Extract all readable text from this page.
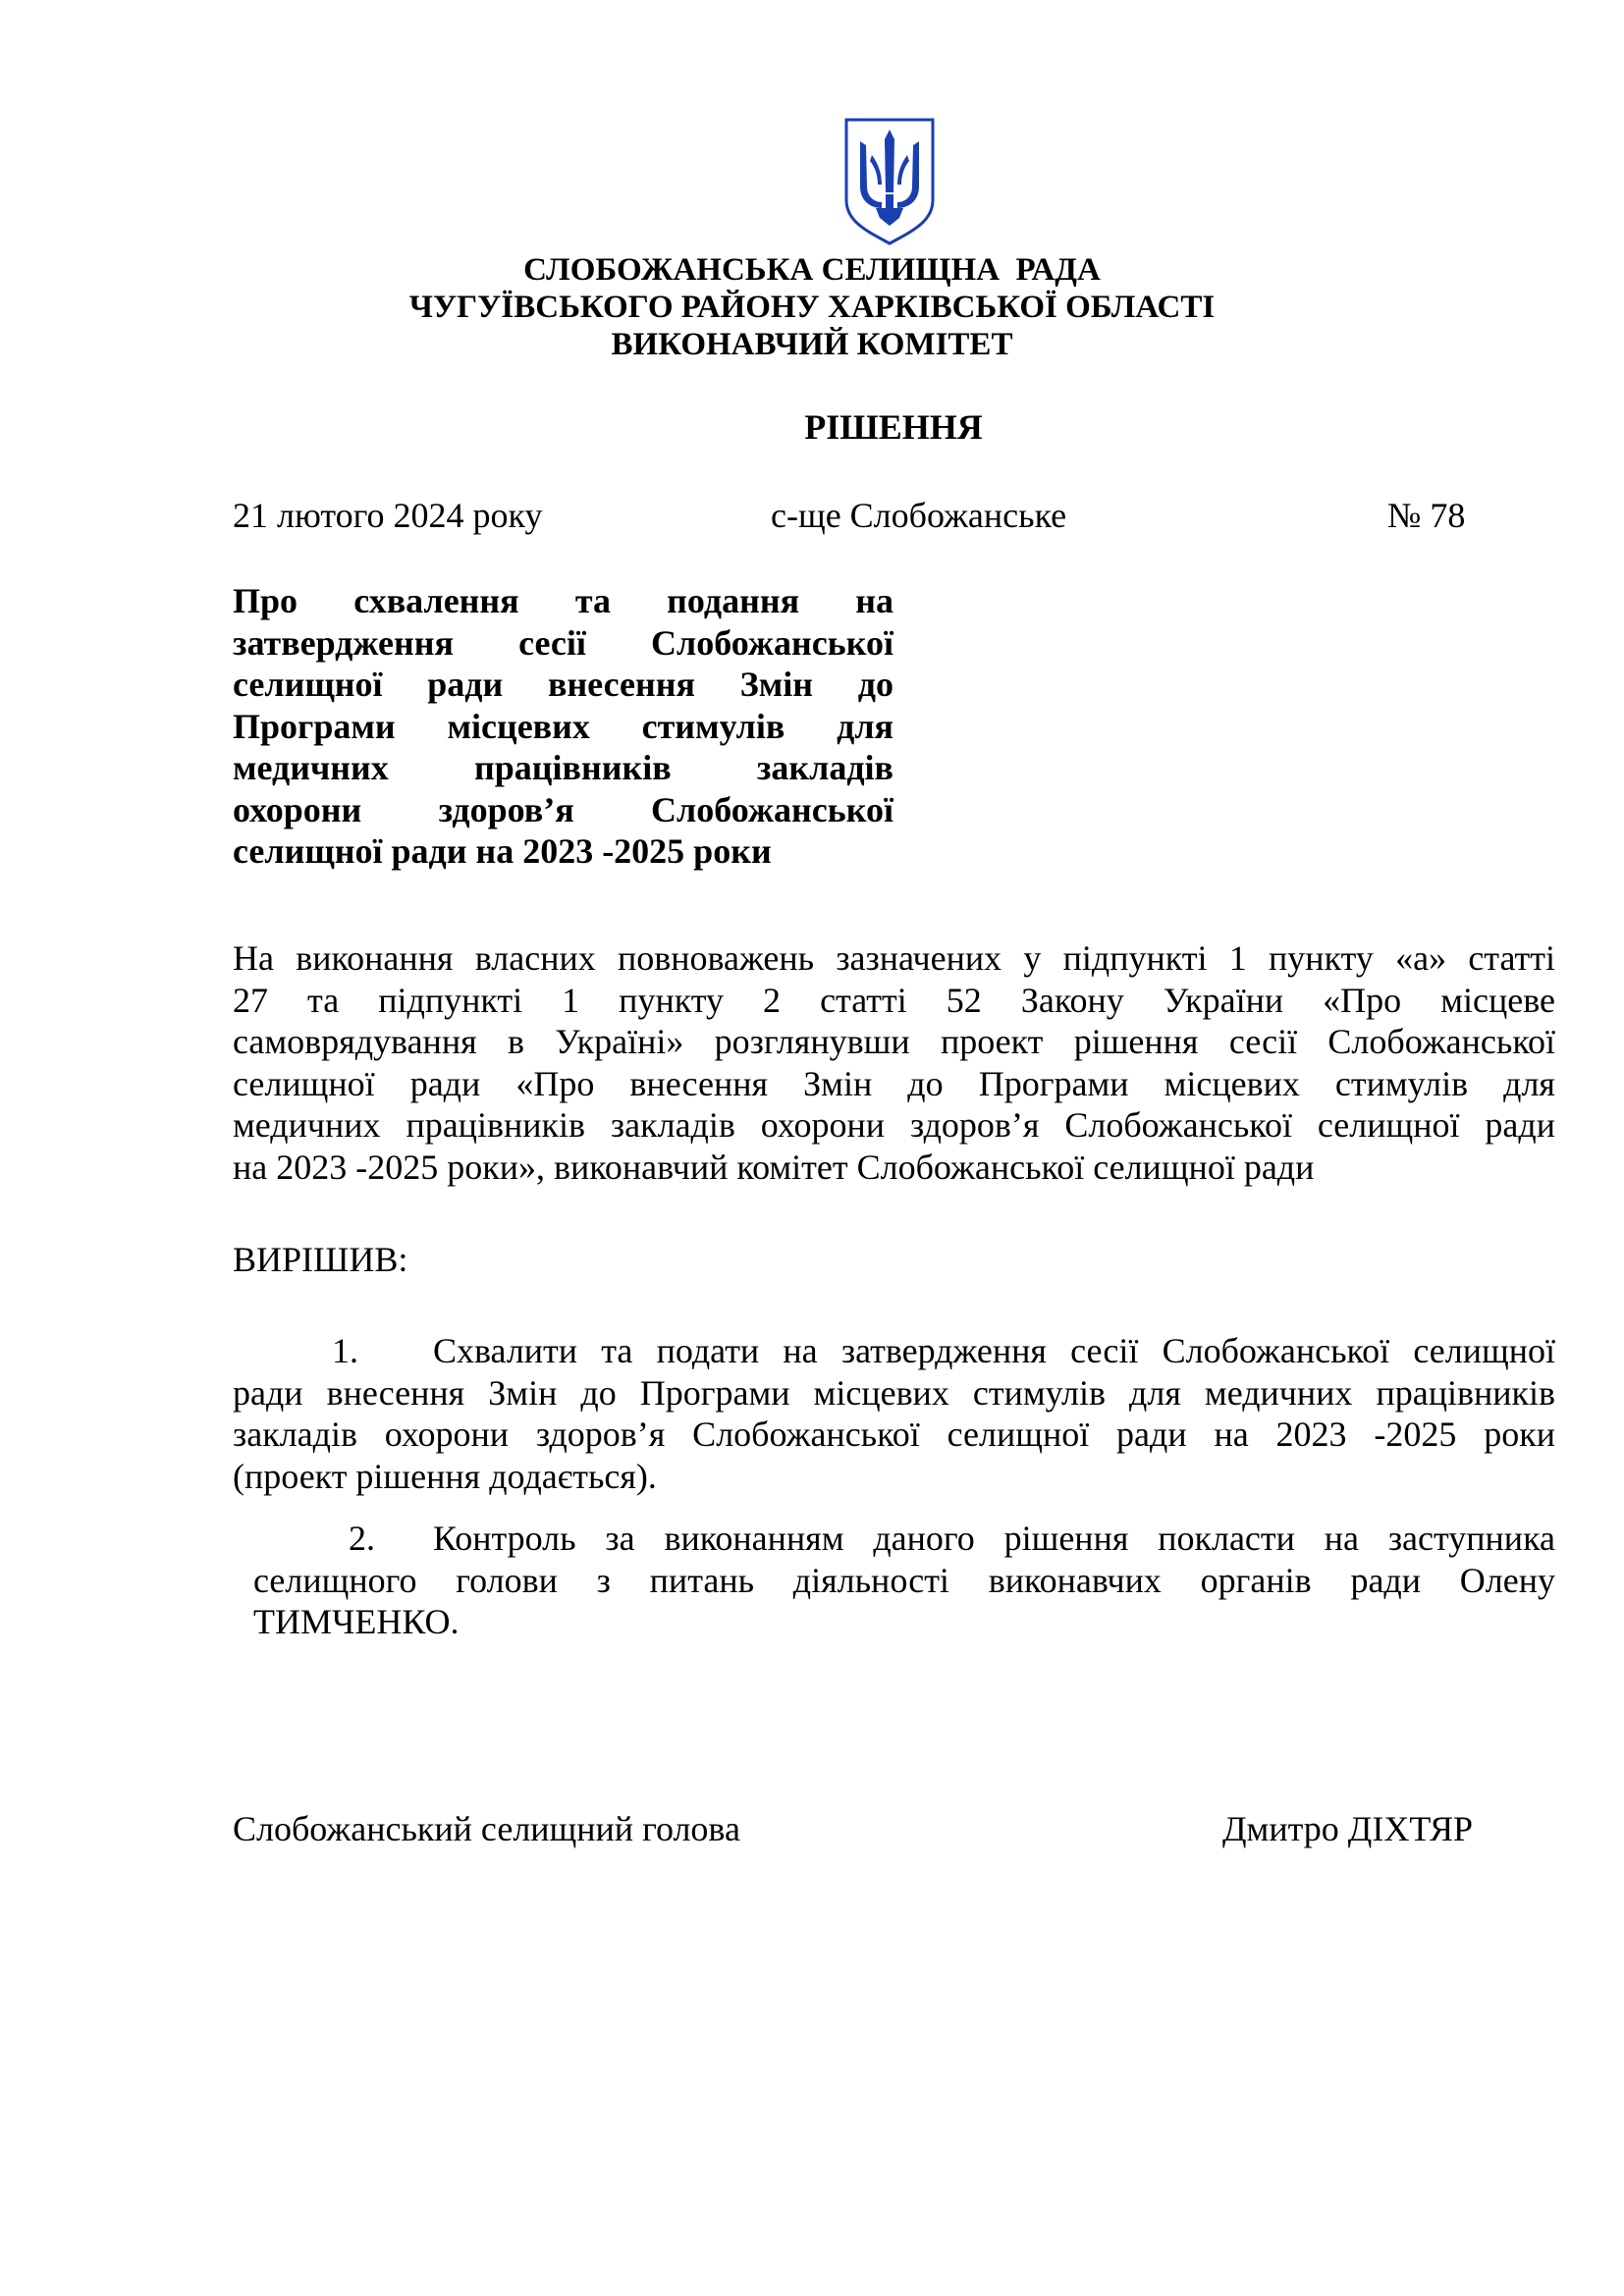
СЛОБОЖАНСЬКА СЕЛИЩНА  РАДА
ЧУГУЇВСЬКОГО РАЙОНУ ХАРКІВСЬКОЇ ОБЛАСТІ
ВИКОНАВЧИЙ КОМІТЕТ
РІШЕННЯ
21 лютого 2024 року	с-ще Слобожанське	№ 78
Про схвалення та подання на
затвердження сесії Слобожанської
селищної ради внесення Змін до
Програми місцевих стимулів для
медичних працівників закладів
охорони здоров’я Слобожанської
селищної ради на 2023 -2025 роки
На виконання власних повноважень зазначених у підпункті 1 пункту «а» статті
27 та підпункті 1 пункту 2 статті 52 Закону України «Про місцеве
самоврядування в Україні» розглянувши проект рішення сесії Слобожанської
селищної ради «Про внесення Змін до Програми місцевих стимулів для
медичних працівників закладів охорони здоров’я Слобожанської селищної ради
на 2023 -2025 роки», виконавчий комітет Слобожанської селищної ради
ВИРІШИВ:
1. Схвалити та подати на затвердження сесії Слобожанської селищної
ради внесення Змін до Програми місцевих стимулів для медичних працівників
закладів охорони здоров’я Слобожанської селищної ради на 2023 -2025 роки
(проект рішення додається).
2. Контроль за виконанням даного рішення покласти на заступника
селищного голови з питань діяльності виконавчих органів ради Олену
ТИМЧЕНКО.
Слобожанський селищний голова	Дмитро ДІХТЯР
